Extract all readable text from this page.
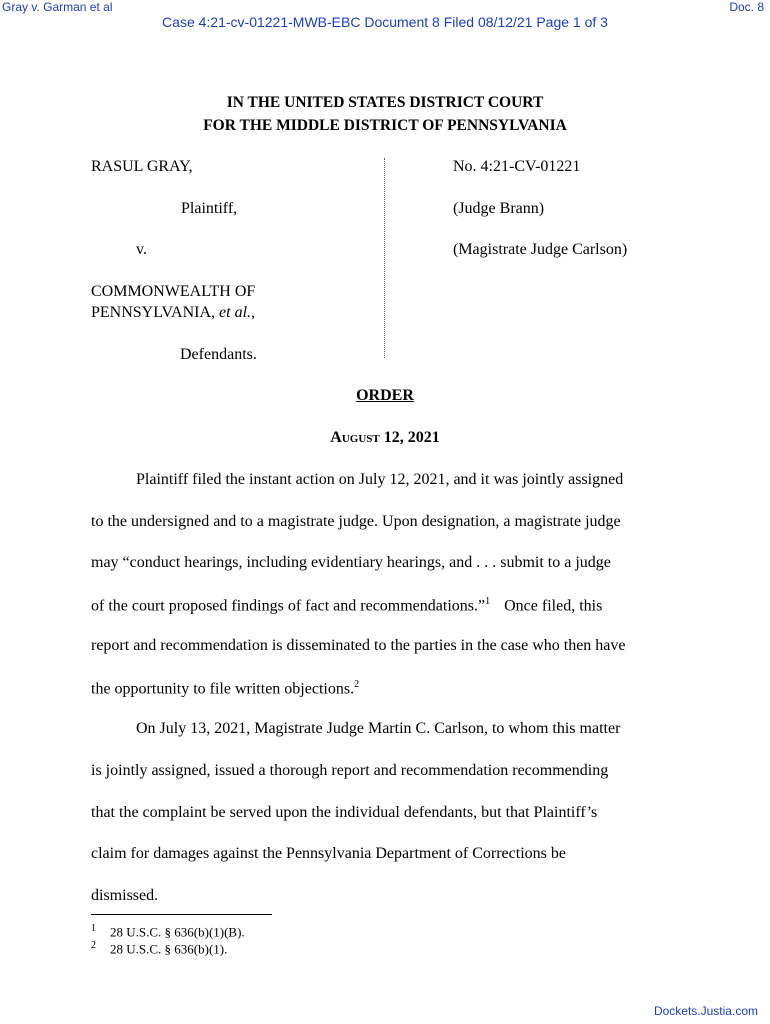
Gray v. Garman et al	Doc. 8
Case 4:21-cv-01221-MWB-EBC Document 8 Filed 08/12/21 Page 1 of 3
IN THE UNITED STATES DISTRICT COURT
FOR THE MIDDLE DISTRICT OF PENNSYLVANIA
RASUL GRAY,
Plaintiff,
v.
COMMONWEALTH OF
PENNSYLVANIA, et al.,
Defendants.
No. 4:21-CV-01221
(Judge Brann)
(Magistrate Judge Carlson)
ORDER
August 12, 2021
Plaintiff filed the instant action on July 12, 2021, and it was jointly assigned
to the undersigned and to a magistrate judge. Upon designation, a magistrate judge
may “conduct hearings, including evidentiary hearings, and . . . submit to a judge
of the court proposed findings of fact and recommendations.”$^1$ Once filed, this
report and recommendation is disseminated to the parties in the case who then have
the opportunity to file written objections.$^2$
On July 13, 2021, Magistrate Judge Martin C. Carlson, to whom this matter
is jointly assigned, issued a thorough report and recommendation recommending
that the complaint be served upon the individual defendants, but that Plaintiff’s
claim for damages against the Pennsylvania Department of Corrections be
dismissed.
$^1$ 28 U.S.C. § 636(b)(1)(B).
$^2$ 28 U.S.C. § 636(b)(1).
Dockets.Justia.com
